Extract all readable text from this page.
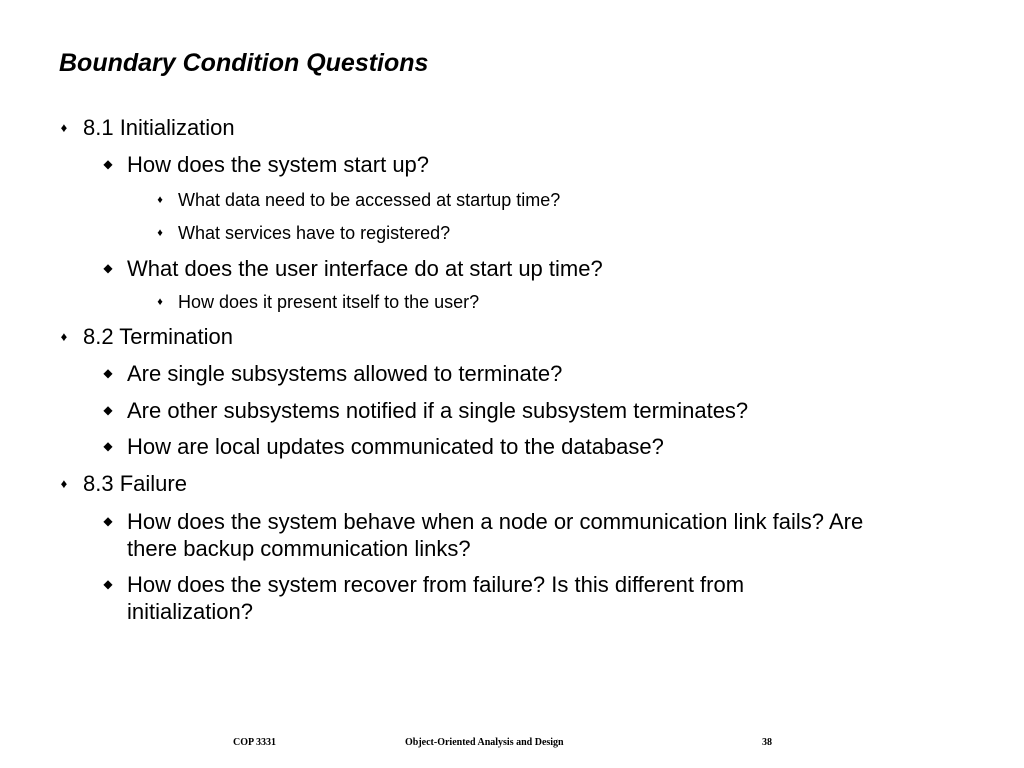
Boundary Condition Questions
♦ 8.1 Initialization
◆ How does the system start up?
♦ What data need to be accessed at startup time?
♦ What services have to registered?
◆ What does the user interface do at start up time?
♦ How does it present itself to the user?
♦ 8.2 Termination
◆ Are single subsystems allowed to terminate?
◆ Are other subsystems notified if a single subsystem terminates?
◆ How are local updates communicated to the database?
♦ 8.3 Failure
◆ How does the system behave when a node or communication link fails? Are
there backup communication links?
◆ How does the system recover from failure? Is this different from
initialization?
COP 3331	Object-Oriented Analysis and Design	38
